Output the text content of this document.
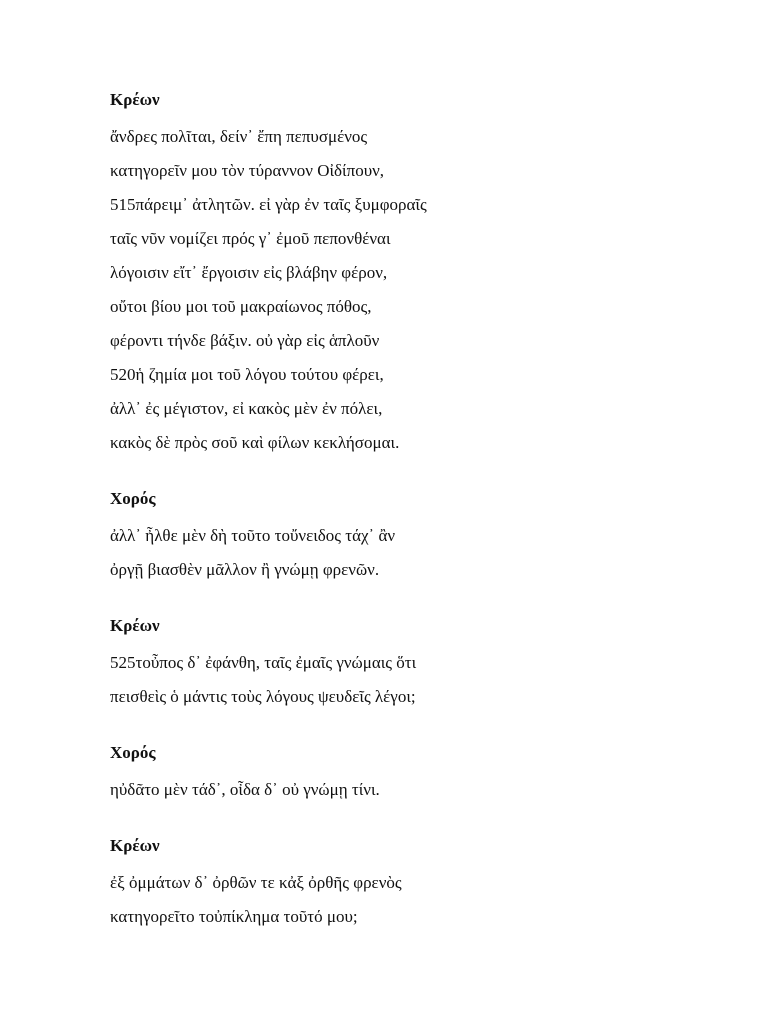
Κρέων

ἄνδρες πολῖται, δείν᾽ ἔπη πεπυσμένος

κατηγορεῖν μου τὸν τύραννον Οἰδίπουν,

515πάρειμ᾽ ἀτλητῶν. εἰ γὰρ ἐν ταῖς ξυμφοραῖς

ταῖς νῦν νομίζει πρός γ᾽ ἐμοῦ πεπονθέναι

λόγοισιν εἴτ᾽ ἔργοισιν εἰς βλάβην φέρον,

οὔτοι βίου μοι τοῦ μακραίωνος πόθος,

φέροντι τήνδε βάξιν. οὐ γὰρ εἰς ἁπλοῦν

520ἡ ζημία μοι τοῦ λόγου τούτου φέρει,

ἀλλ᾽ ἐς μέγιστον, εἰ κακὸς μὲν ἐν πόλει,

κακὸς δὲ πρὸς σοῦ καὶ φίλων κεκλήσομαι.

Χορός

ἀλλ᾽ ἦλθε μὲν δὴ τοῦτο τοὔνειδος τάχ᾽ ἂν

ὀργῇ βιασθὲν μᾶλλον ἢ γνώμῃ φρενῶν.

Κρέων

525τοὖπος δ᾽ ἐφάνθη, ταῖς ἐμαῖς γνώμαις ὅτι

πεισθεὶς ὁ μάντις τοὺς λόγους ψευδεῖς λέγοι;

Χορός

ηὐδᾶτο μὲν τάδ᾽, οἶδα δ᾽ οὐ γνώμῃ τίνι.

Κρέων

ἐξ ὀμμάτων δ᾽ ὀρθῶν τε κἀξ ὀρθῆς φρενὸς

κατηγορεῖτο τοὐπίκλημα τοῦτό μου;
